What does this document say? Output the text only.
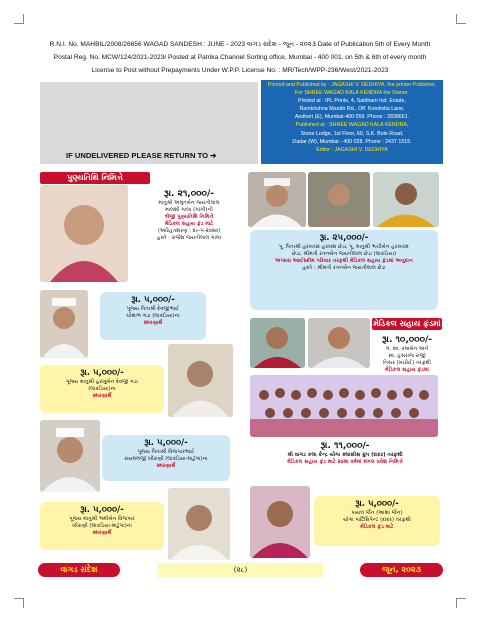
R.N.I. No. MAHBIL/2008/26656 WAGAD SANDESH : JUNE - 2023 વાગડ સંદેશ - જૂન - ૨૦૨૩ Date of Publication 5th of Every Month
Postal Reg. No. MCW/124/2021-2023/ Posted at Patrika Channel Sorting office, Mumbai - 400 001. on 5th & 6th of every month
License to Post without Prepayments Under W.P.P. License No. : MR/Tech/WPP-236/West/2021-2023
IF UNDELIVERED PLEASE RETURN TO ➔
Printed and Published by : JAGASHI V. DEDHIYA, the printer-Publisher,
For SHREE WAGAD KALA KENDRA the Owner.
Printed at : IPL Prints, 4, Saidham Ind. Estate,
Ramkrishna Mandir Rd., Off. Kondivita Lane,
Andheri (E), Mumbai-400 059. Phone : 2838661.
Published at : SHREE WAGAD KALA KENDRA,
Stone Lodge, 1st Floor, 69, S.K. Bole Road,
Dadar (W), Mumbai - 400 028. Phone : 2437 1515.
Editor : JAGASHI V. DEDHIYA
પુણ્યતિથિ નિમિત્તે
મેડિકલ સહાય ફંડમાં
રૂા. ૨૧,૦૦૦/-
માતુશ્રી અમૃતબેન જયંતીલાલ
માલશી ગાલા (ગાંગી)ની
ત્રીજી પુણ્યતિથિ નિમિત્તે
મેડિકલ સહાય ફંડ માટે
(અરિહંતશરણ : ૨૯-૫-૨૦૨૦)
હસ્તે : રાજેશ જયંતીલાલ ગાલા	રૂા. ૨૫,૦૦૦/-
પૂ. પિતાશ્રી હરખચંદ હરખશ છેડા, પૂ. માતુશ્રી ભચીબેન હરખચંદ
છેડા, શ્રીમતી રતનબેન જયંતીલાલ છેડા (લાકડિયા)
અપ્સરા આઈસ્ક્રીમ પરિવાર તરફથી મેડિકલ સહાય ફંડમાં અનુદાન
હસ્તે : શ્રીમતી રતનબેન જયંતીલાલ છેડા
રૂા. ૫,૦૦૦/-
પૂજ્ય પિતાશ્રી દેવજીભાઈ
ચોથાભ ગડા (લાકડિયા)ના
સ્મરણાર્થે
રૂા. ૧૦,૦૦૦/-
ગં. સ્વ. રમાબેન અને
સ્વ. હંસરાજ રાજી
નિસર (ખારોઈ) તરફથી
મેડિકલ સહાય ફંડમાં
રૂા. ૫,૦૦૦/-
પૂજ્ય માતુશ્રી હરખુબેન દેવજી ગડા
(લાકડિયા)ના
સ્મરણાર્થે
રૂા. ૧૧,૦૦૦/-
શ્રી વાગડ કલા કેન્દ્ર યોગા ક્લાસીસ ગ્રુપ (દાદર) તરફથી
મેડિકલ સહાય ફંડ માટે ૨૦મા વર્ષમાં મંગલ પ્રવેશ નિમિત્તે
રૂા. ૫,૦૦૦/-
પૂજ્ય પિતાશ્રી વિજપારભાઈ
રાયમલજી ખીરાણી (લાકડિયા-માટુંગા)ના
સ્મરણાર્થે
રૂા. ૫,૦૦૦/-
પૂજ્ય માતુશ્રી ભમીબેન વિજપાર
ખીરાણી (લાકડિયા-માટુંગા)ના
સ્મરણાર્થે
રૂા. ૫,૦૦૦/-
પાયલ જૈન (આશા જૈન)
યોગા પાર્ટિસિપેન્ટ (દાદર) તરફથી
મેડિકલ ફંડ માટે
વાગડ સંદેશ	(૨૮)	જૂન, ૨૦૨૩
